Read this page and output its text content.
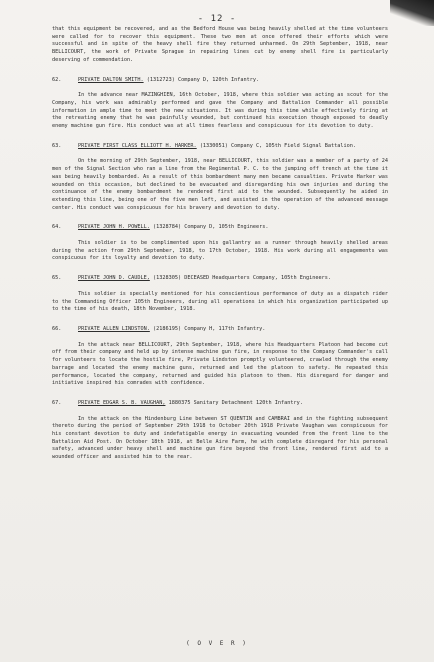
- 12 -

that this equipment be recovered, and as the Bedford House was being heavily shelled at the time volunteers were called for to recover this equipment. These two men at once offered their efforts which were successful and in spite of the heavy shell fire they returned unharmed. On 29th September, 1918, near BELLICOURT, the work of Private Sprague in repairing lines cut by enemy shell fire is particularly deserving of commendation.

62.	PRIVATE DALTON SMITH. (1312723) Company D, 120th Infantry.

In the advance near MAZINGHIEN, 16th October, 1918, where this soldier was acting as scout for the Company, his work was admirably performed and gave the Company and Battalion Commander all possible information in ample time to meet the new situations. It was during this time while effectively firing at the retreating enemy that he was painfully wounded, but continued his execution though exposed to deadly enemy machine gun fire. His conduct was at all times fearless and conspicuous for its devotion to duty.

63.	PRIVATE FIRST CLASS ELLIOTT H. HARKER. (1330051) Company C, 105th Field Signal Battalion.

On the morning of 29th September, 1918, near BELLICOURT, this soldier was a member of a party of 24 men of the Signal Section who ran a line from the Regimental P. C. to the jumping off trench at the time it was being heavily bombarded. As a result of this bombardment many men became casualties. Private Harker was wounded on this occasion, but declined to be evacuated and disregarding his own injuries and during the continuance of the enemy bombardment he rendered first aid to the wounded. Subsequently he aided in extending this line, being one of the five men left, and assisted in the operation of the advanced message center. His conduct was conspicuous for his bravery and devotion to duty.

64.	PRIVATE JOHN H. POWELL. (1328784) Company D, 105th Engineers.

This soldier is to be complimented upon his gallantry as a runner through heavily shelled areas during the action from 29th September, 1918, to 17th October, 1918. His work during all engagements was conspicuous for its loyalty and devotion to duty.

65.	PRIVATE JOHN D. CAUDLE, (1328305) DECEASED Headquarters Company, 105th Engineers.

This soldier is specially mentioned for his conscientious performance of duty as a dispatch rider to the Commanding Officer 105th Engineers, during all operations in which his organization participated up to the time of his death, 18th November, 1918.

66.	PRIVATE ALLEN LINDSTON. (2186195) Company H, 117th Infantry.

In the attack near BELLICOURT, 29th September, 1918, where his Headquarters Platoon had become cut off from their company and held up by intense machine gun fire, in response to the Company Commander's call for volunteers to locate the hostile fire, Private Lindston promptly volunteered, crawled through the enemy barrage and located the enemy machine guns, returned and led the platoon to safety. He repeated this performance, located the company, returned and guided his platoon to them. His disregard for danger and initiative inspired his comrades with confidence.

67.	PRIVATE EDGAR S. B. VAUGHAN, 1880375 Sanitary Detachment 120th Infantry.

In the attack on the Hindenburg Line between ST QUENTIN and CAMBRAI and in the fighting subsequent thereto during the period of September 29th 1918 to October 20th 1918 Private Vaughan was conspicuous for his constant devotion to duty and indefatigable energy in evacuating wounded from the front line to the Battalion Aid Post. On October 18th 1918, at Belle Aire Farm, he with complete disregard for his personal safety, advanced under heavy shell and machine gun fire beyond the front line, rendered first aid to a wounded officer and assisted him to the rear.

( O V E R )
